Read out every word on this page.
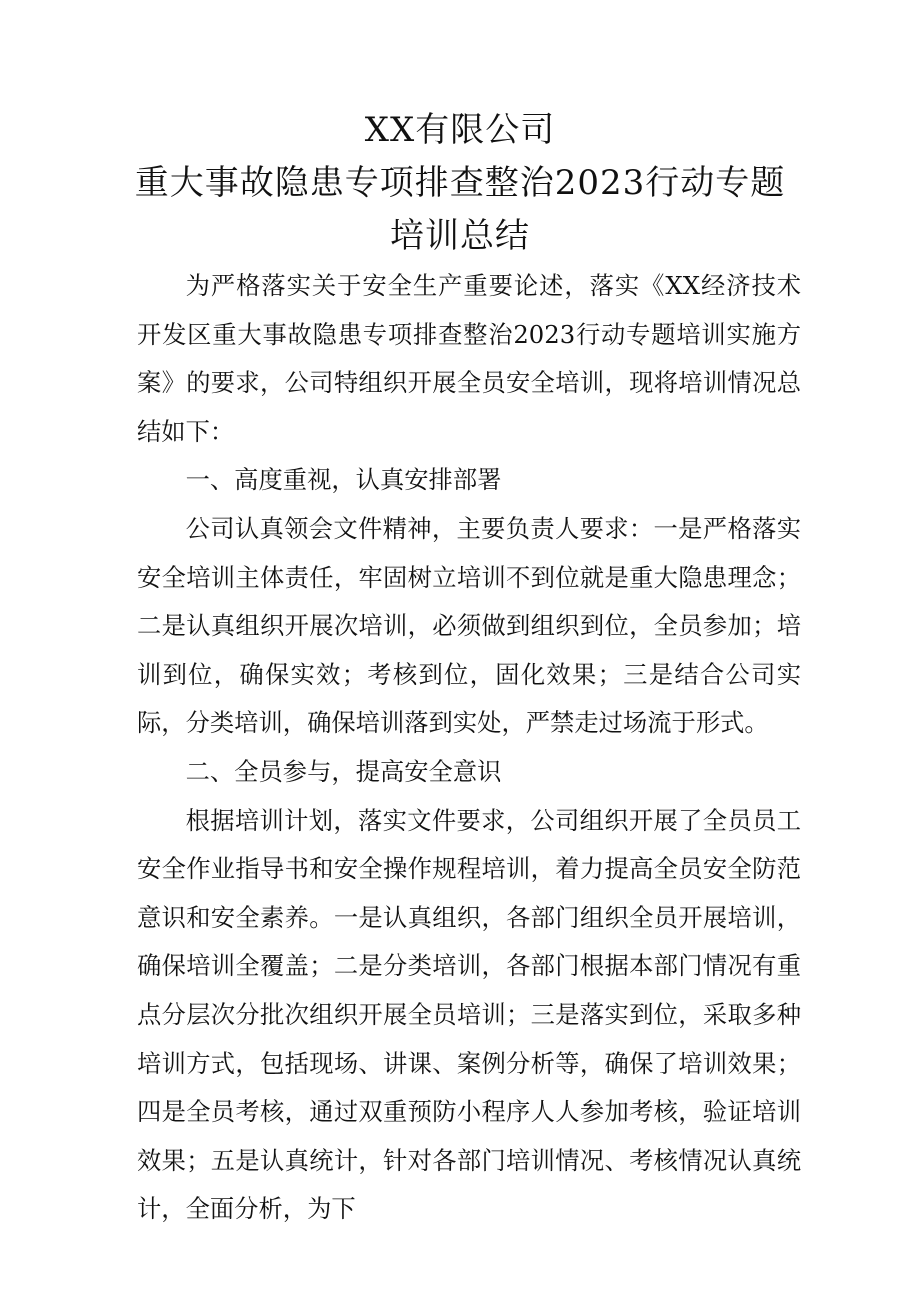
XX有限公司
重大事故隐患专项排查整治2023行动专题
培训总结

为严格落实关于安全生产重要论述，落实《XX经济技术开发区重大事故隐患专项排查整治2023行动专题培训实施方案》的要求，公司特组织开展全员安全培训，现将培训情况总结如下：

一、高度重视，认真安排部署

公司认真领会文件精神，主要负责人要求：一是严格落实安全培训主体责任，牢固树立培训不到位就是重大隐患理念；二是认真组织开展次培训，必须做到组织到位，全员参加；培训到位，确保实效；考核到位，固化效果；三是结合公司实际，分类培训，确保培训落到实处，严禁走过场流于形式。

二、全员参与，提高安全意识

根据培训计划，落实文件要求，公司组织开展了全员员工安全作业指导书和安全操作规程培训，着力提高全员安全防范意识和安全素养。一是认真组织，各部门组织全员开展培训，确保培训全覆盖；二是分类培训，各部门根据本部门情况有重点分层次分批次组织开展全员培训；三是落实到位，采取多种培训方式，包括现场、讲课、案例分析等，确保了培训效果；四是全员考核，通过双重预防小程序人人参加考核，验证培训效果；五是认真统计，针对各部门培训情况、考核情况认真统计，全面分析，为下
